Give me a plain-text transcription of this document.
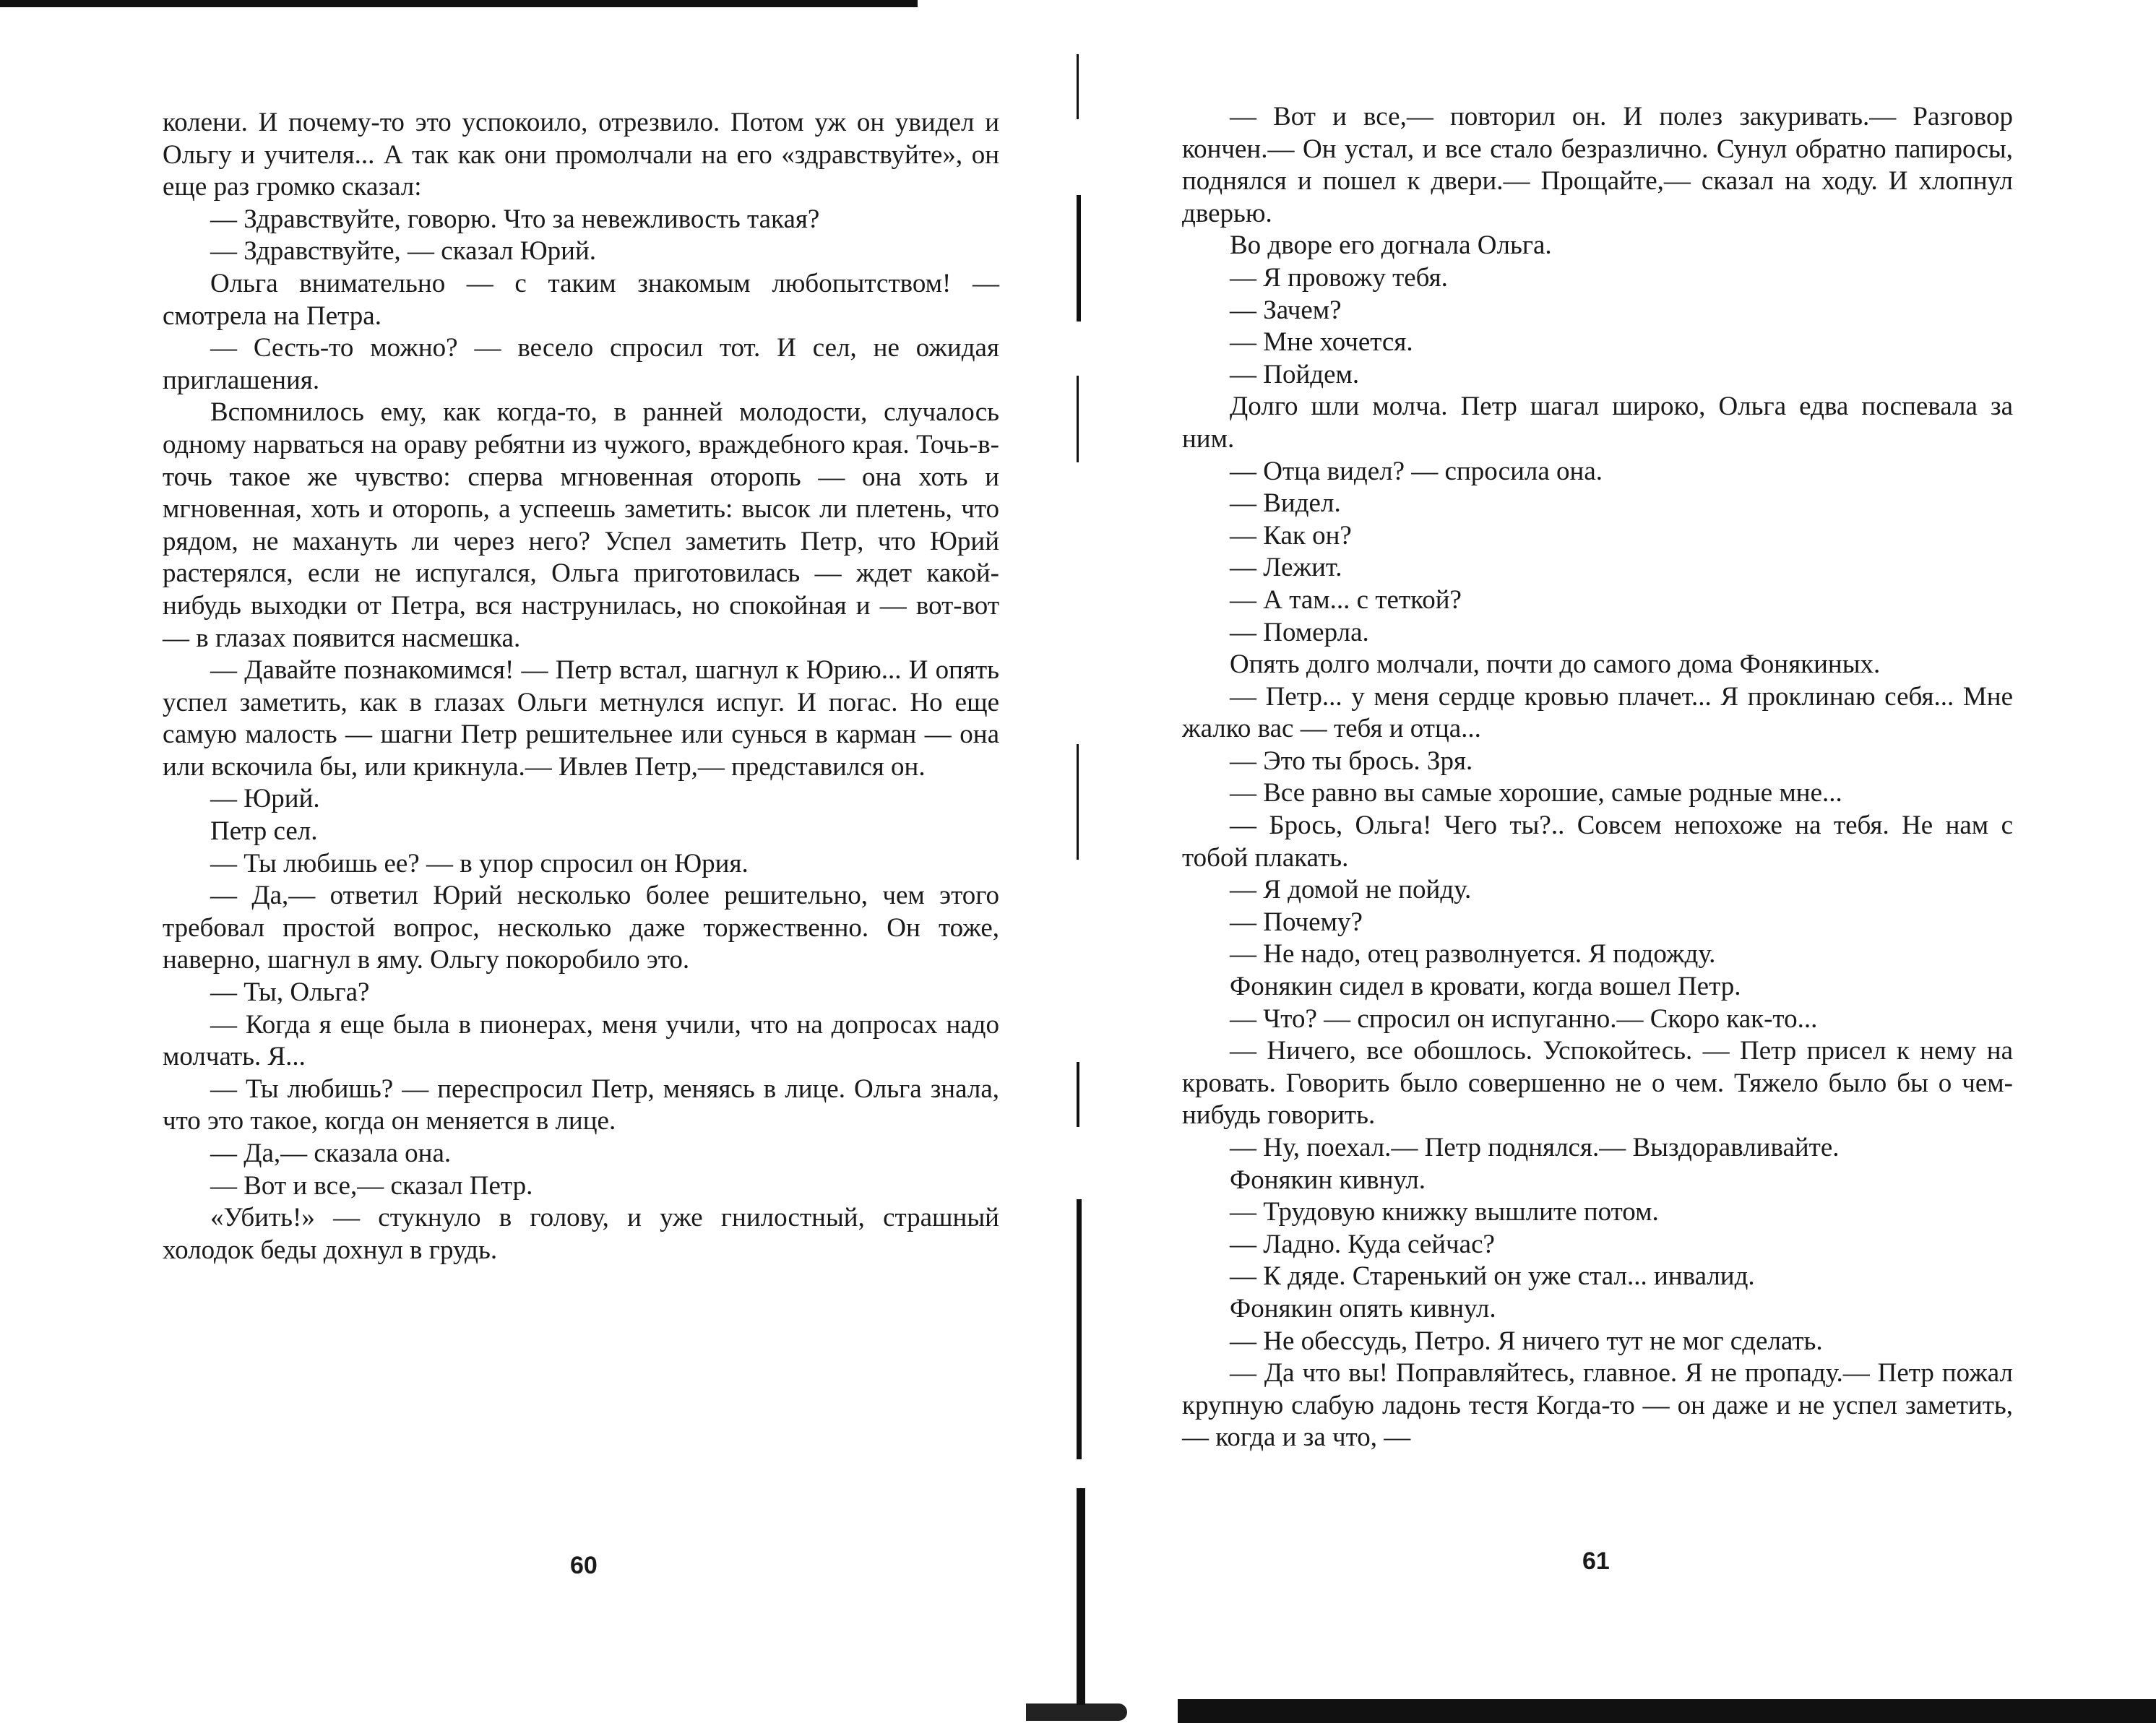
колени. И почему-то это успокоило, отрезвило. Потом уж он увидел и Ольгу и учителя... А так как они промолчали на его «здравствуйте», он еще раз громко сказал:

— Здравствуйте, говорю. Что за невежливость такая?

— Здравствуйте, — сказал Юрий.

Ольга внимательно — с таким знакомым любопытством! — смотрела на Петра.

— Сесть-то можно? — весело спросил тот. И сел, не ожидая приглашения.

Вспомнилось ему, как когда-то, в ранней молодости, случалось одному нарваться на ораву ребятни из чужого, враждебного края. Точь-в-точь такое же чувство: сперва мгновенная оторопь — она хоть и мгновенная, хоть и оторопь, а успеешь заметить: высок ли плетень, что рядом, не махануть ли через него? Успел заметить Петр, что Юрий растерялся, если не испугался, Ольга приготовилась — ждет какой-нибудь выходки от Петра, вся наструнилась, но спокойная и — вот-вот — в глазах появится насмешка.

— Давайте познакомимся! — Петр встал, шагнул к Юрию... И опять успел заметить, как в глазах Ольги метнулся испуг. И погас. Но еще самую малость — шагни Петр решительнее или сунься в карман — она или вскочила бы, или крикнула.— Ивлев Петр,— представился он.

— Юрий.

Петр сел.

— Ты любишь ее? — в упор спросил он Юрия.

— Да,— ответил Юрий несколько более решительно, чем этого требовал простой вопрос, несколько даже торжественно. Он тоже, наверно, шагнул в яму. Ольгу покоробило это.

— Ты, Ольга?

— Когда я еще была в пионерах, меня учили, что на допросах надо молчать. Я...

— Ты любишь? — переспросил Петр, меняясь в лице. Ольга знала, что это такое, когда он меняется в лице.

— Да,— сказала она.

— Вот и все,— сказал Петр.

«Убить!» — стукнуло в голову, и уже гнилостный, страшный холодок беды дохнул в грудь.

60

— Вот и все,— повторил он. И полез закуривать.— Разговор кончен.— Он устал, и все стало безразлично. Сунул обратно папиросы, поднялся и пошел к двери.— Прощайте,— сказал на ходу. И хлопнул дверью.

Во дворе его догнала Ольга.

— Я провожу тебя.

— Зачем?

— Мне хочется.

— Пойдем.

Долго шли молча. Петр шагал широко, Ольга едва поспевала за ним.

— Отца видел? — спросила она.

— Видел.

— Как он?

— Лежит.

— А там... с теткой?

— Померла.

Опять долго молчали, почти до самого дома Фонякиных.

— Петр... у меня сердце кровью плачет... Я проклинаю себя... Мне жалко вас — тебя и отца...

— Это ты брось. Зря.

— Все равно вы самые хорошие, самые родные мне...

— Брось, Ольга! Чего ты?.. Совсем непохоже на тебя. Не нам с тобой плакать.

— Я домой не пойду.

— Почему?

— Не надо, отец разволнуется. Я подожду.

Фонякин сидел в кровати, когда вошел Петр.

— Что? — спросил он испуганно.— Скоро как-то...

— Ничего, все обошлось. Успокойтесь. — Петр присел к нему на кровать. Говорить было совершенно не о чем. Тяжело было бы о чем-нибудь говорить.

— Ну, поехал.— Петр поднялся.— Выздоравливайте.

Фонякин кивнул.

— Трудовую книжку вышлите потом.

— Ладно. Куда сейчас?

— К дяде. Старенький он уже стал... инвалид.

Фонякин опять кивнул.

— Не обессудь, Петро. Я ничего тут не мог сделать.

— Да что вы! Поправляйтесь, главное. Я не пропаду.— Петр пожал крупную слабую ладонь тестя Когда-то — он даже и не успел заметить, — когда и за что, —

61
